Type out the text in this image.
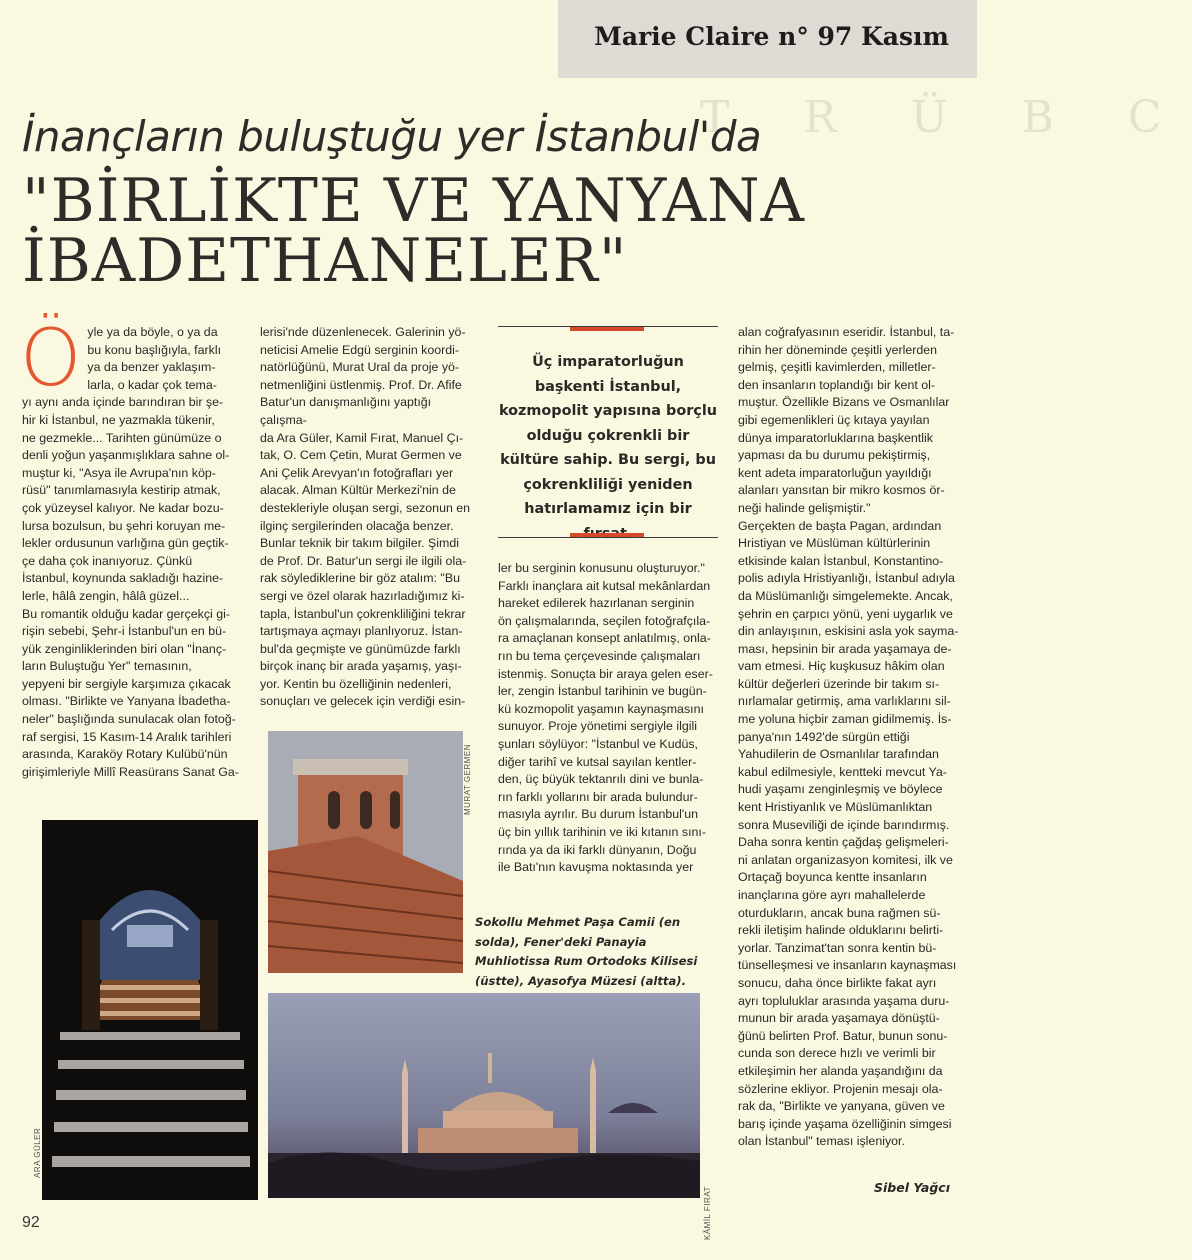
Marie Claire n° 97 Kasım
T R Ü B C
İnançların buluştuğu yer İstanbul'da
"BİRLİKTE VE YANYANA
İBADETHANELER"
Ö yle ya da böyle, o ya da

bu konu başlığıyla, farklı

ya da benzer yaklaşım-

larla, o kadar çok tema-

yı aynı anda içinde barındıran bir şe-

hir ki İstanbul, ne yazmakla tükenir,

ne gezmekle... Tarihten günümüze o

denli yoğun yaşanmışlıklara sahne ol-

muştur ki, "Asya ile Avrupa'nın köp-

rüsü" tanımlamasıyla kestirip atmak,

çok yüzeysel kalıyor. Ne kadar bozu-

lursa bozulsun, bu şehri koruyan me-

lekler ordusunun varlığına gün geçtik-

çe daha çok inanıyoruz. Çünkü

İstanbul, koynunda sakladığı hazine-

lerle, hâlâ zengin, hâlâ güzel...

Bu romantik olduğu kadar gerçekçi gi-

rişin sebebi, Şehr-i İstanbul'un en bü-

yük zenginliklerinden biri olan "İnanç-

ların Buluştuğu Yer" temasının,

yepyeni bir sergiyle karşımıza çıkacak

olması. "Birlikte ve Yanyana İbadetha-

neler" başlığında sunulacak olan fotoğ-

raf sergisi, 15 Kasım-14 Aralık tarihleri

arasında, Karaköy Rotary Kulübü'nün

girişimleriyle Millî Reasürans Sanat Ga-

lerisi'nde düzenlenecek. Galerinin yö-

neticisi Amelie Edgü serginin koordi-

natörlüğünü, Murat Ural da proje yö-

netmenliğini üstlenmiş. Prof. Dr. Afife

Batur'un danışmanlığını yaptığı çalışma-

da Ara Güler, Kamil Fırat, Manuel Çı-

tak, O. Cem Çetin, Murat Germen ve

Ani Çelik Arevyan'ın fotoğrafları yer

alacak. Alman Kültür Merkezi'nin de

destekleriyle oluşan sergi, sezonun en

ilginç sergilerinden olacağa benzer.

Bunlar teknik bir takım bilgiler. Şimdi

de Prof. Dr. Batur'un sergi ile ilgili ola-

rak söylediklerine bir göz atalım: "Bu

sergi ve özel olarak hazırladığımız ki-

tapla, İstanbul'un çokrenkliliğini tekrar

tartışmaya açmayı planlıyoruz. İstan-

bul'da geçmişte ve günümüzde farklı

birçok inanç bir arada yaşamış, yaşı-

yor. Kentin bu özelliğinin nedenleri,

sonuçları ve gelecek için verdiği esin-

Üç imparatorluğun başkenti İstanbul, kozmopolit yapısına borçlu olduğu çokrenkli bir kültüre sahip. Bu sergi, bu çokrenkliliği yeniden hatırlamamız için bir

ler bu serginin konusunu oluşturuyor."

Farklı inançlara ait kutsal mekânlardan

hareket edilerek hazırlanan serginin

ön çalışmalarında, seçilen fotoğrafçıla-

ra amaçlanan konsept anlatılmış, onla-

rın bu tema çerçevesinde çalışmaları

istenmiş. Sonuçta bir araya gelen eser-

ler, zengin İstanbul tarihinin ve bugün-

kü kozmopolit yaşamın kaynaşmasını

sunuyor. Proje yönetimi sergiyle ilgili

şunları söylüyor: "İstanbul ve Kudüs,

diğer tarihî ve kutsal sayılan kentler-

den, üç büyük tektanrılı dini ve bunla-

rın farklı yollarını bir arada bulundur-

masıyla ayrılır. Bu durum İstanbul'un

üç bin yıllık tarihinin ve iki kıtanın sını-

rında ya da iki farklı dünyanın, Doğu

ile Batı'nın kavuşma noktasında yer

alan coğrafyasının eseridir. İstanbul, ta-

rihin her döneminde çeşitli yerlerden

gelmiş, çeşitli kavimlerden, milletler-

den insanların toplandığı bir kent ol-

muştur. Özellikle Bizans ve Osmanlılar

gibi egemenlikleri üç kıtaya yayılan

dünya imparatorluklarına başkentlik

yapması da bu durumu pekiştirmiş,

kent adeta imparatorluğun yayıldığı

alanları yansıtan bir mikro kosmos ör-

neği halinde gelişmiştir."

Gerçekten de başta Pagan, ardından

Hristiyan ve Müslüman kültürlerinin

etkisinde kalan İstanbul, Konstantino-

polis adıyla Hristiyanlığı, İstanbul adıyla

da Müslümanlığı simgelemekte. Ancak,

şehrin en çarpıcı yönü, yeni uygarlık ve

din anlayışının, eskisini asla yok sayma-

ması, hepsinin bir arada yaşamaya de-

vam etmesi. Hiç kuşkusuz hâkim olan

kültür değerleri üzerinde bir takım sı-

nırlamalar getirmiş, ama varlıklarını sil-

me yoluna hiçbir zaman gidilmemiş. İs-

panya'nın 1492'de sürgün ettiği

Yahudilerin de Osmanlılar tarafından

kabul edilmesiyle, kentteki mevcut Ya-

hudi yaşamı zenginleşmiş ve böylece

kent Hristiyanlık ve Müslümanlıktan

sonra Museviliği de içinde barındırmış.

Daha sonra kentin çağdaş gelişmeleri-

ni anlatan organizasyon komitesi, ilk ve

Ortaçağ boyunca kentte insanların

inançlarına göre ayrı mahallelerde

oturdukların, ancak buna rağmen sü-

rekli iletişim halinde olduklarını belirti-

yorlar. Tanzimat'tan sonra kentin bü-

tünselleşmesi ve insanların kaynaşması

sonucu, daha önce birlikte fakat ayrı

ayrı topluluklar arasında yaşama duru-

munun bir arada yaşamaya dönüştü-

ğünü belirten Prof. Batur, bunun sonu-

cunda son derece hızlı ve verimli bir

etkileşimin her alanda yaşandığını da

sözlerine ekliyor. Projenin mesajı ola-

rak da, "Birlikte ve yanyana, güven ve

barış içinde yaşama özelliğinin simgesi

olan İstanbul" teması işleniyor.

ARA GÜLER
MURAT GERMEN
KÂMİL FIRAT
Sokollu Mehmet Paşa Camii (en solda), Fener'deki Panayia Muhliotissa Rum Ortodoks Kilisesi (üstte), Ayasofya Müzesi (altta).
Sibel Yağcı
92
